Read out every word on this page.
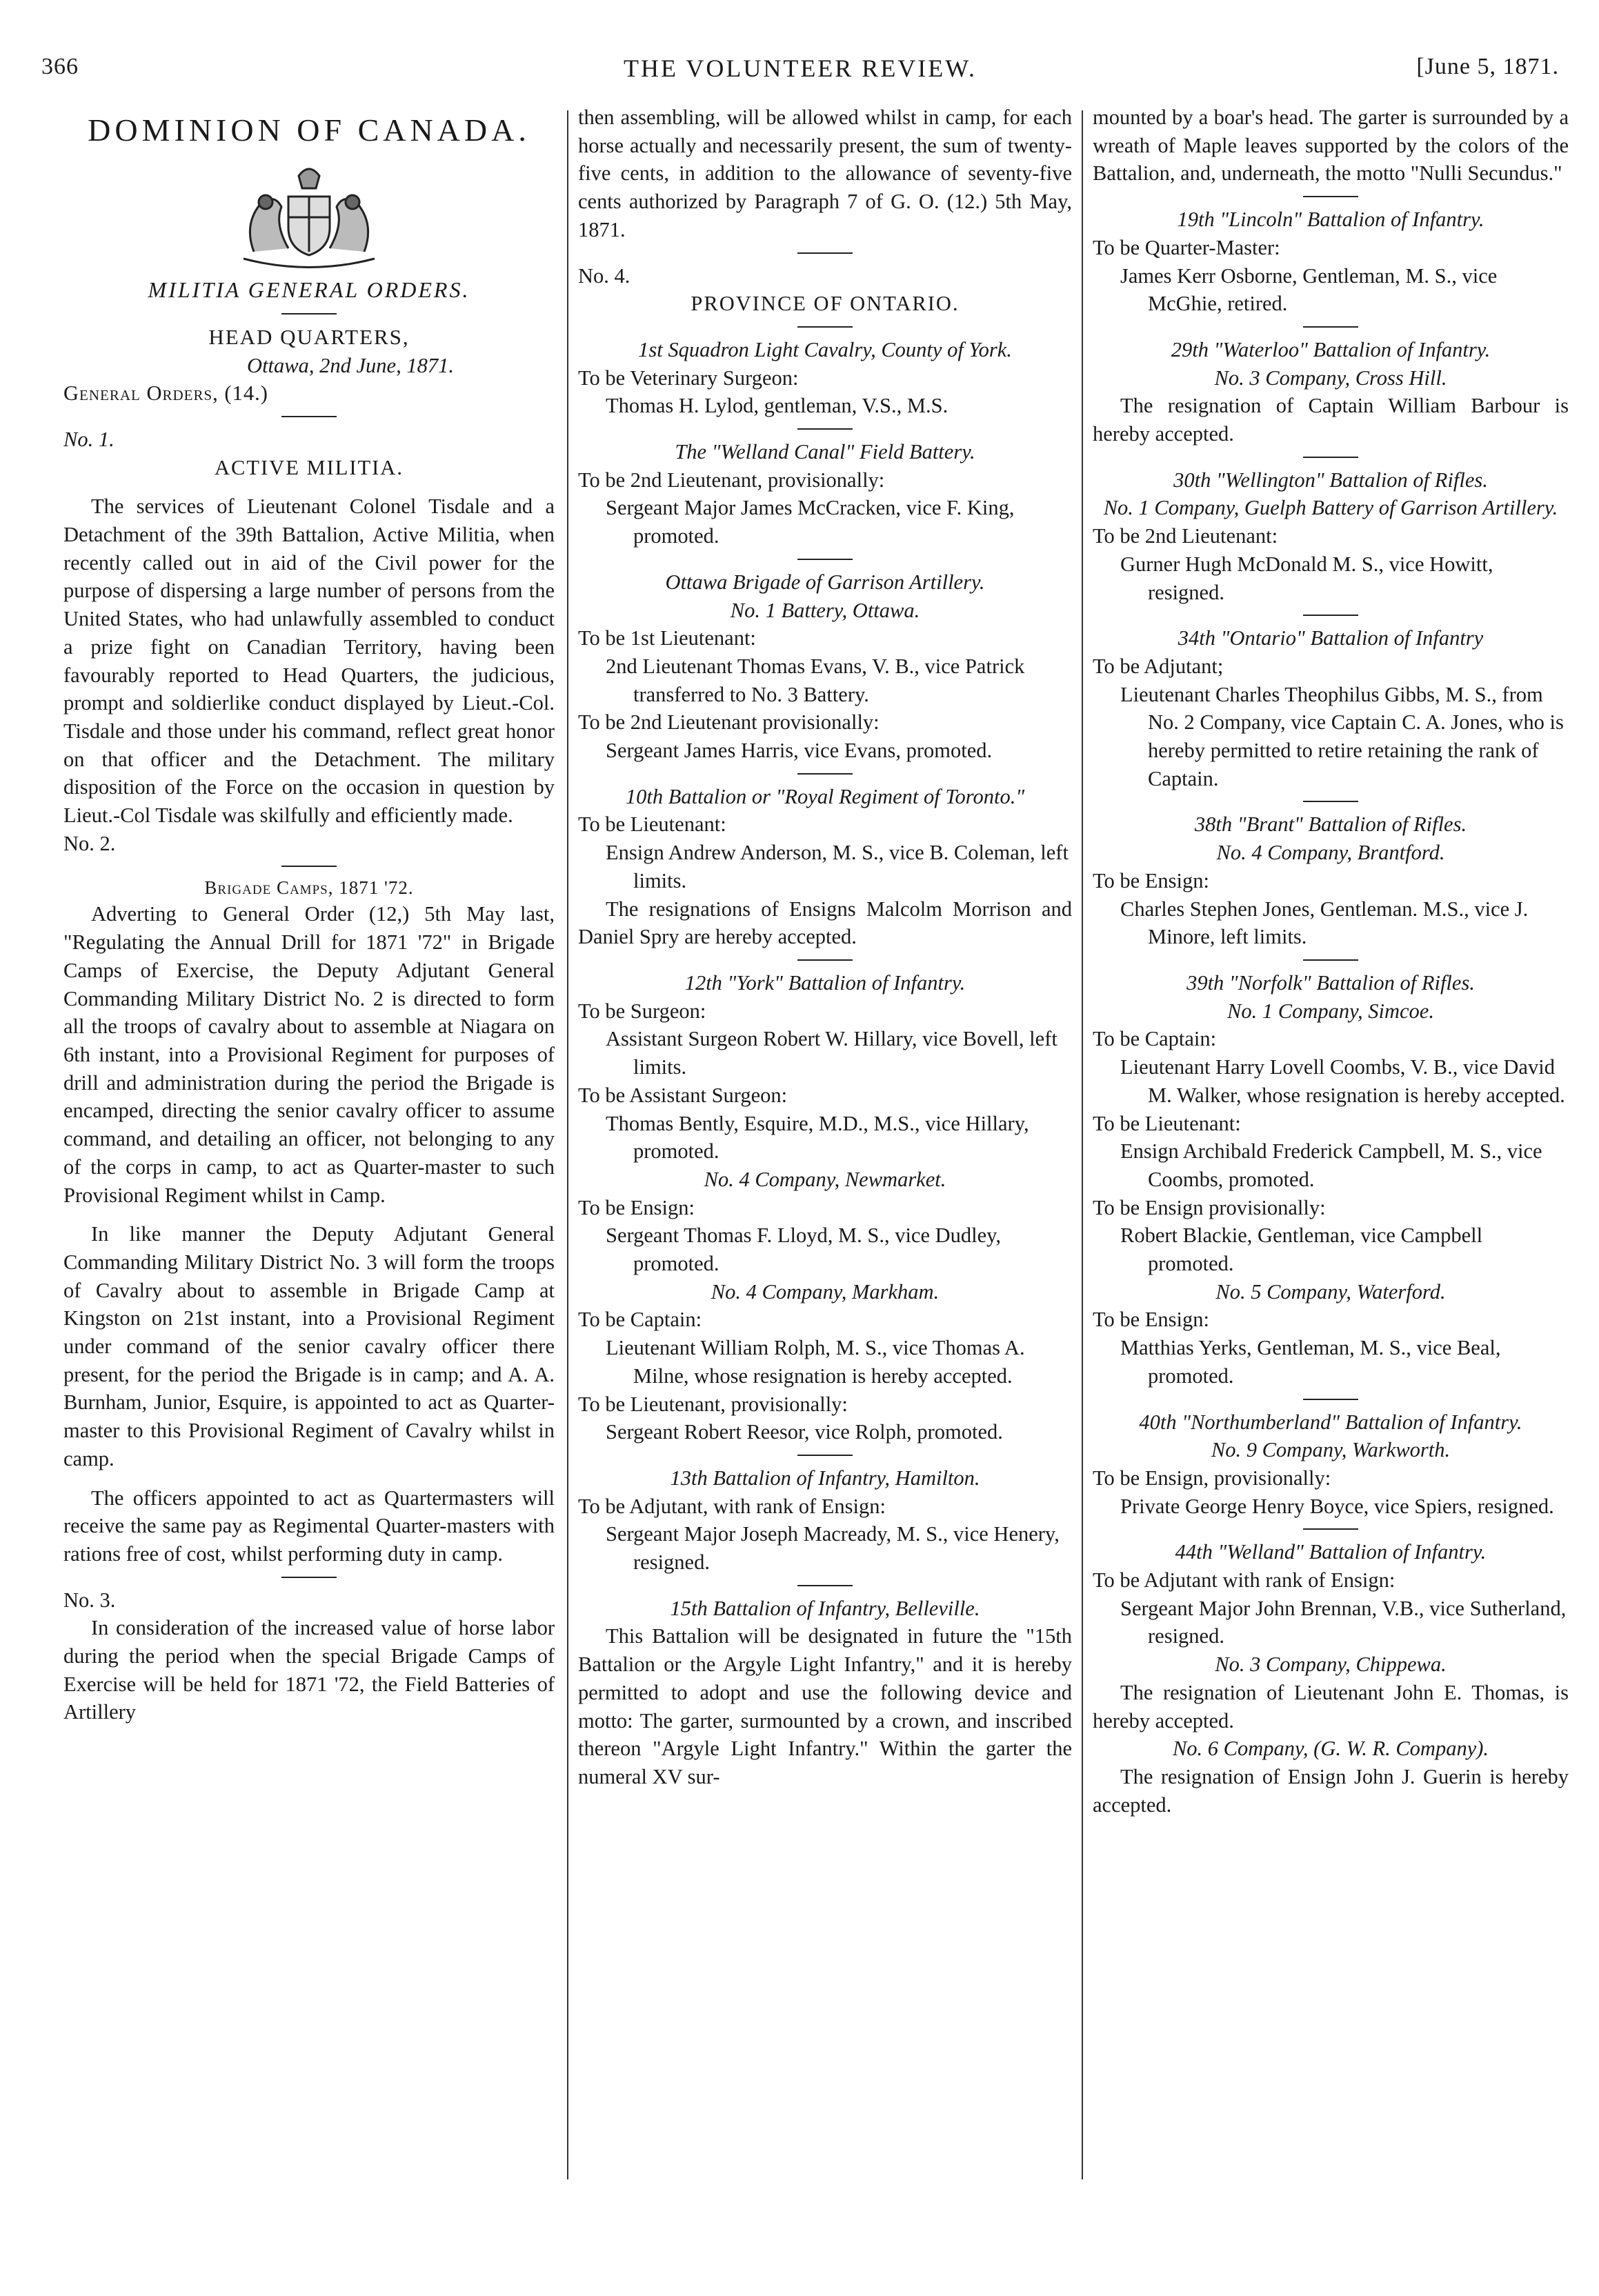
366	THE VOLUNTEER REVIEW.	[June 5, 1871.

DOMINION OF CANADA.

MILITIA GENERAL ORDERS.

HEAD QUARTERS,

Ottawa, 2nd June, 1871.

General Orders, (14.)

No. 1.

ACTIVE MILITIA.

The services of Lieutenant Colonel Tisdale and a Detachment of the 39th Battalion, Active Militia, when recently called out in aid of the Civil power for the purpose of dispersing a large number of persons from the United States, who had unlawfully assembled to conduct a prize fight on Canadian Territory, having been favourably reported to Head Quarters, the judicious, prompt and soldierlike conduct displayed by Lieut.-Col. Tisdale and those under his command, reflect great honor on that officer and the Detachment. The military disposition of the Force on the occasion in question by Lieut.-Col Tisdale was skilfully and efficiently made.

No. 2.

Brigade Camps, 1871 '72.

Adverting to General Order (12,) 5th May last, "Regulating the Annual Drill for 1871 '72" in Brigade Camps of Exercise, the Deputy Adjutant General Commanding Military District No. 2 is directed to form all the troops of cavalry about to assemble at Niagara on 6th instant, into a Provisional Regiment for purposes of drill and administration during the period the Brigade is encamped, directing the senior cavalry officer to assume command, and detailing an officer, not belonging to any of the corps in camp, to act as Quarter-master to such Provisional Regiment whilst in Camp.

In like manner the Deputy Adjutant General Commanding Military District No. 3 will form the troops of Cavalry about to assemble in Brigade Camp at Kingston on 21st instant, into a Provisional Regiment under command of the senior cavalry officer there present, for the period the Brigade is in camp; and A. A. Burnham, Junior, Esquire, is appointed to act as Quarter-master to this Provisional Regiment of Cavalry whilst in camp.

The officers appointed to act as Quartermasters will receive the same pay as Regimental Quarter-masters with rations free of cost, whilst performing duty in camp.

No. 3.

In consideration of the increased value of horse labor during the period when the special Brigade Camps of Exercise will be held for 1871 '72, the Field Batteries of Artillery

then assembling, will be allowed whilst in camp, for each horse actually and necessarily present, the sum of twenty-five cents, in addition to the allowance of seventy-five cents authorized by Paragraph 7 of G. O. (12.) 5th May, 1871.

No. 4.

PROVINCE OF ONTARIO.

1st Squadron Light Cavalry, County of York.

To be Veterinary Surgeon:

Thomas H. Lylod, gentleman, V.S., M.S.

The "Welland Canal" Field Battery.

To be 2nd Lieutenant, provisionally:

Sergeant Major James McCracken, vice F. King, promoted.

Ottawa Brigade of Garrison Artillery.

No. 1 Battery, Ottawa.

To be 1st Lieutenant:

2nd Lieutenant Thomas Evans, V. B., vice Patrick transferred to No. 3 Battery.

To be 2nd Lieutenant provisionally:

Sergeant James Harris, vice Evans, promoted.

10th Battalion or "Royal Regiment of Toronto."

To be Lieutenant:

Ensign Andrew Anderson, M. S., vice B. Coleman, left limits.

The resignations of Ensigns Malcolm Morrison and Daniel Spry are hereby accepted.

12th "York" Battalion of Infantry.

To be Surgeon:

Assistant Surgeon Robert W. Hillary, vice Bovell, left limits.

To be Assistant Surgeon:

Thomas Bently, Esquire, M.D., M.S., vice Hillary, promoted.

No. 4 Company, Newmarket.

To be Ensign:

Sergeant Thomas F. Lloyd, M. S., vice Dudley, promoted.

No. 4 Company, Markham.

To be Captain:

Lieutenant William Rolph, M. S., vice Thomas A. Milne, whose resignation is hereby accepted.

To be Lieutenant, provisionally:

Sergeant Robert Reesor, vice Rolph, promoted.

13th Battalion of Infantry, Hamilton.

To be Adjutant, with rank of Ensign:

Sergeant Major Joseph Macready, M. S., vice Henery, resigned.

15th Battalion of Infantry, Belleville.

This Battalion will be designated in future the "15th Battalion or the Argyle Light Infantry," and it is hereby permitted to adopt and use the following device and motto: The garter, surmounted by a crown, and inscribed thereon "Argyle Light Infantry." Within the garter the numeral XV sur-

mounted by a boar's head. The garter is surrounded by a wreath of Maple leaves supported by the colors of the Battalion, and, underneath, the motto "Nulli Secundus."

19th "Lincoln" Battalion of Infantry.

To be Quarter-Master:

James Kerr Osborne, Gentleman, M. S., vice McGhie, retired.

29th "Waterloo" Battalion of Infantry.

No. 3 Company, Cross Hill.

The resignation of Captain William Barbour is hereby accepted.

30th "Wellington" Battalion of Rifles.

No. 1 Company, Guelph Battery of Garrison Artillery.

To be 2nd Lieutenant:

Gurner Hugh McDonald M. S., vice Howitt, resigned.

34th "Ontario" Battalion of Infantry

To be Adjutant;

Lieutenant Charles Theophilus Gibbs, M. S., from No. 2 Company, vice Captain C. A. Jones, who is hereby permitted to retire retaining the rank of Captain.

38th "Brant" Battalion of Rifles.

No. 4 Company, Brantford.

To be Ensign:

Charles Stephen Jones, Gentleman. M.S., vice J. Minore, left limits.

39th "Norfolk" Battalion of Rifles.

No. 1 Company, Simcoe.

To be Captain:

Lieutenant Harry Lovell Coombs, V. B., vice David M. Walker, whose resignation is hereby accepted.

To be Lieutenant:

Ensign Archibald Frederick Campbell, M. S., vice Coombs, promoted.

To be Ensign provisionally:

Robert Blackie, Gentleman, vice Campbell promoted.

No. 5 Company, Waterford.

To be Ensign:

Matthias Yerks, Gentleman, M. S., vice Beal, promoted.

40th "Northumberland" Battalion of Infantry.

No. 9 Company, Warkworth.

To be Ensign, provisionally:

Private George Henry Boyce, vice Spiers, resigned.

44th "Welland" Battalion of Infantry.

To be Adjutant with rank of Ensign:

Sergeant Major John Brennan, V.B., vice Sutherland, resigned.

No. 3 Company, Chippewa.

The resignation of Lieutenant John E. Thomas, is hereby accepted.

No. 6 Company, (G. W. R. Company).

The resignation of Ensign John J. Guerin is hereby accepted.
